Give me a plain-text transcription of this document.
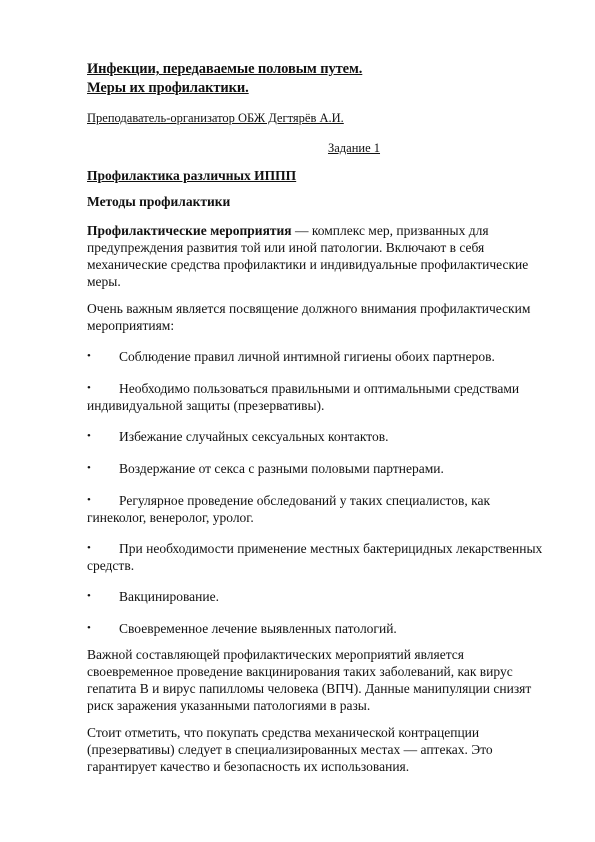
Инфекции, передаваемые половым путем.

Меры их профилактики.

Преподаватель-организатор ОБЖ Дегтярёв А.И.

Задание 1

Профилактика различных ИППП

Методы профилактики

Профилактические мероприятия — комплекс мер, призванных для предупреждения развития той или иной патологии. Включают в себя механические средства профилактики и индивидуальные профилактические меры.

Очень важным является посвящение должного внимания профилактическим мероприятиям:

•	Соблюдение правил личной интимной гигиены обоих партнеров.

•	Необходимо пользоваться правильными и оптимальными средствами индивидуальной защиты (презервативы).

•	Избежание случайных сексуальных контактов.

•	Воздержание от секса с разными половыми партнерами.

•	Регулярное проведение обследований у таких специалистов, как гинеколог, венеролог, уролог.

•	При необходимости применение местных бактерицидных лекарственных средств.

•	Вакцинирование.

•	Своевременное лечение выявленных патологий.

Важной составляющей профилактических мероприятий является своевременное проведение вакцинирования таких заболеваний, как вирус гепатита В и вирус папилломы человека (ВПЧ). Данные манипуляции снизят риск заражения указанными патологиями в разы.

Стоит отметить, что покупать средства механической контрацепции (презервативы) следует в специализированных местах — аптеках. Это гарантирует качество и безопасность их использования.
